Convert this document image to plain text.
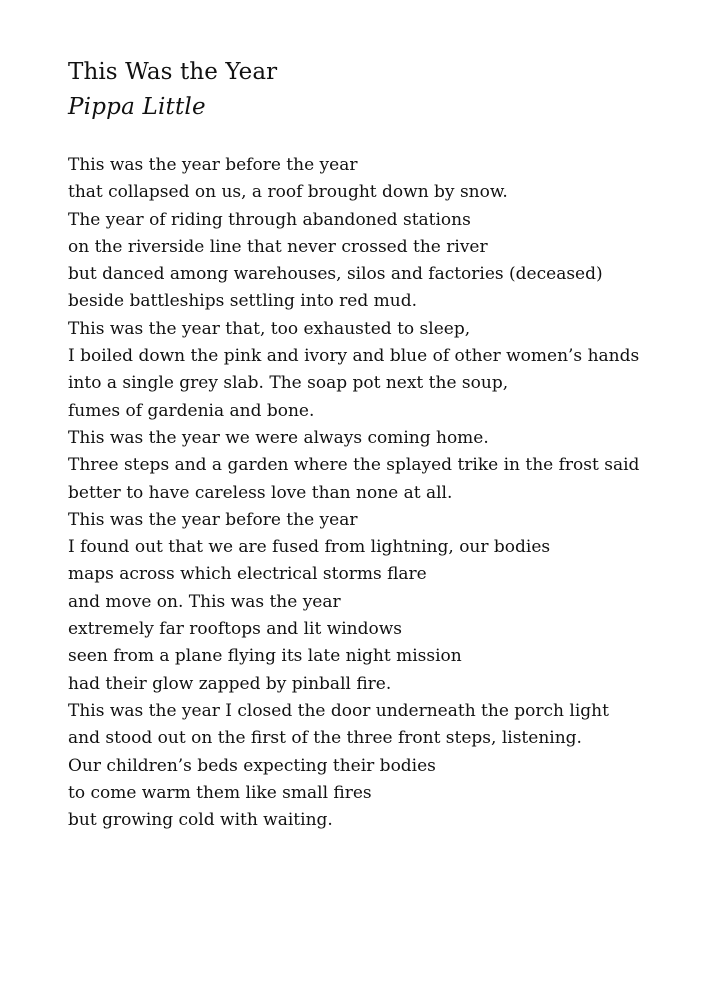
This Was the Year
Pippa Little
This was the year before the year
that collapsed on us, a roof brought down by snow.
The year of riding through abandoned stations
on the riverside line that never crossed the river
but danced among warehouses, silos and factories (deceased)
beside battleships settling into red mud.
This was the year that, too exhausted to sleep,
I boiled down the pink and ivory and blue of other women’s hands
into a single grey slab. The soap pot next the soup,
fumes of gardenia and bone.
This was the year we were always coming home.
Three steps and a garden where the splayed trike in the frost said
better to have careless love than none at all.
This was the year before the year
I found out that we are fused from lightning, our bodies
maps across which electrical storms flare
and move on. This was the year
extremely far rooftops and lit windows
seen from a plane flying its late night mission
had their glow zapped by pinball fire.
This was the year I closed the door underneath the porch light
and stood out on the first of the three front steps, listening.
Our children’s beds expecting their bodies
to come warm them like small fires
but growing cold with waiting.
